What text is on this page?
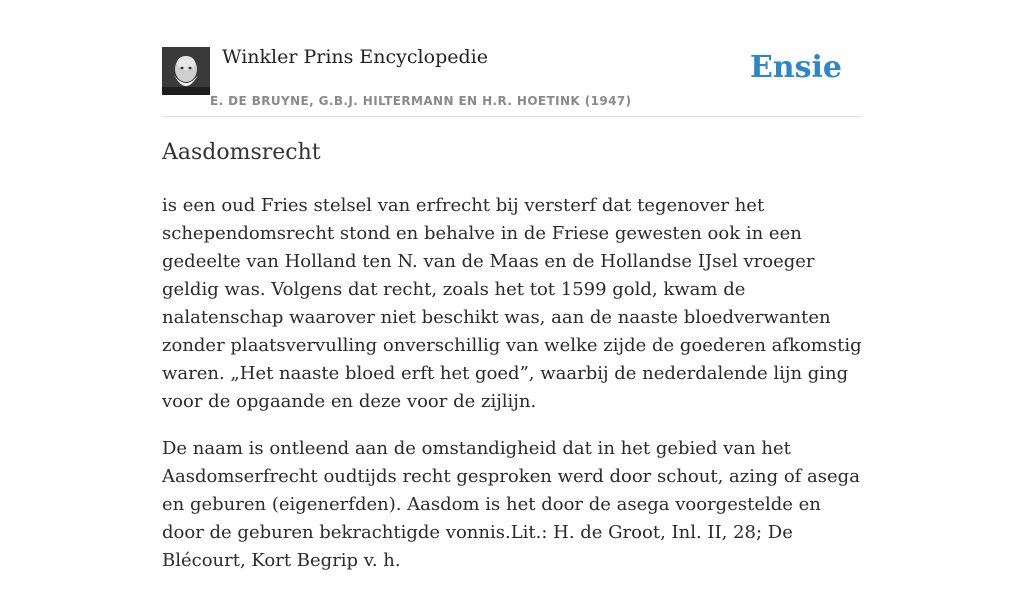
Winkler Prins Encyclopedie
E. DE BRUYNE, G.B.J. HILTERMANN EN H.R. HOETINK (1947)
Ensie
Aasdomsrecht

is een oud Fries stelsel van erfrecht bij versterf dat tegenover het schependomsrecht stond en behalve in de Friese gewesten ook in een gedeelte van Holland ten N. van de Maas en de Hollandse IJsel vroeger geldig was. Volgens dat recht, zoals het tot 1599 gold, kwam de nalatenschap waarover niet beschikt was, aan de naaste bloedverwanten zonder plaatsvervulling onverschillig van welke zijde de goederen afkomstig waren. „Het naaste bloed erft het goed”, waarbij de nederdalende lijn ging voor de opgaande en deze voor de zijlijn.

De naam is ontleend aan de omstandigheid dat in het gebied van het Aasdomserfrecht oudtijds recht gesproken werd door schout, azing of asega en geburen (eigenerfden). Aasdom is het door de asega voorgestelde en door de geburen bekrachtigde vonnis.Lit.: H. de Groot, Inl. II, 28; De Blécourt, Kort Begrip v. h.
